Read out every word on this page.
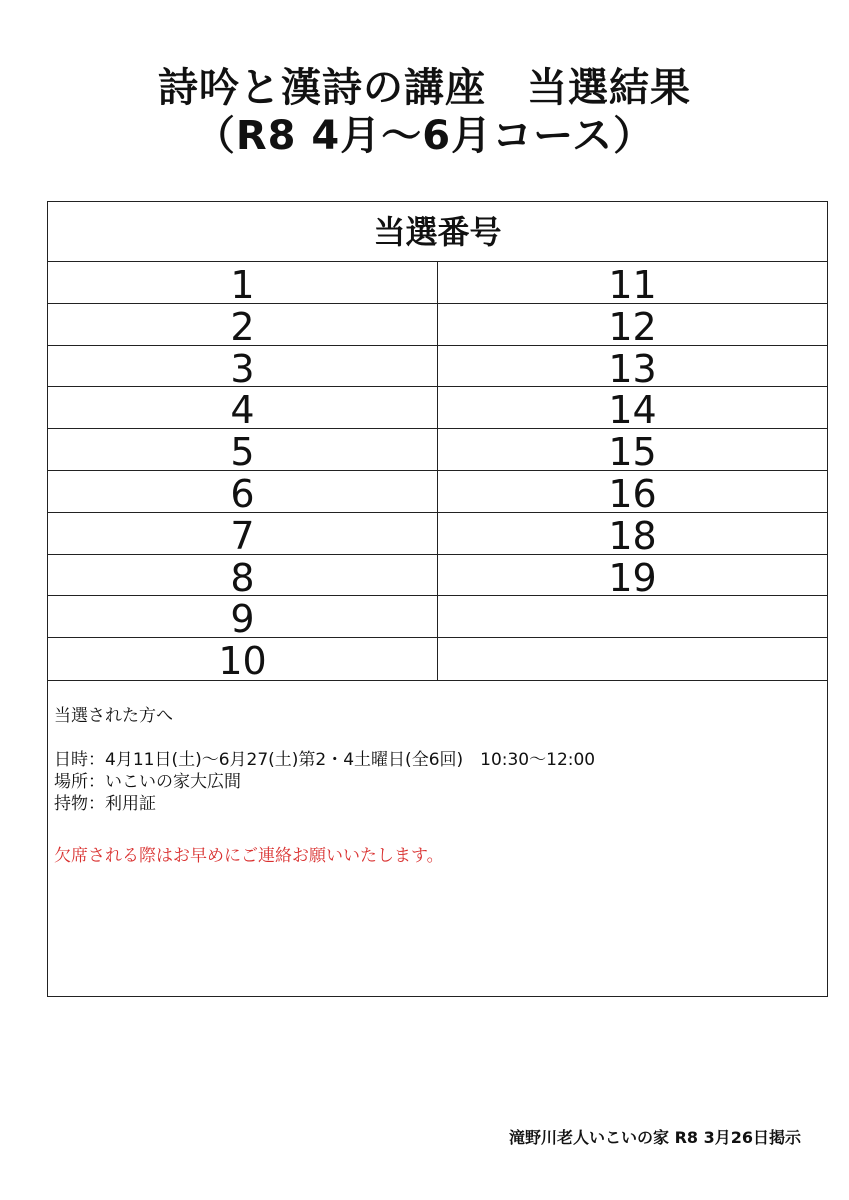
詩吟と漢詩の講座　当選結果
（R8 4月～6月コース）
当選番号
1
2
3
4
5
6
7
8
9
10
11
12
13
14
15
16
18
19
当選された方へ
日時：4月11日(土)～6月27(土)第2・4土曜日(全6回)　10:30～12:00
場所：いこいの家大広間
持物：利用証
欠席される際はお早めにご連絡お願いいたします。
滝野川老人いこいの家 R8 3月26日掲示
